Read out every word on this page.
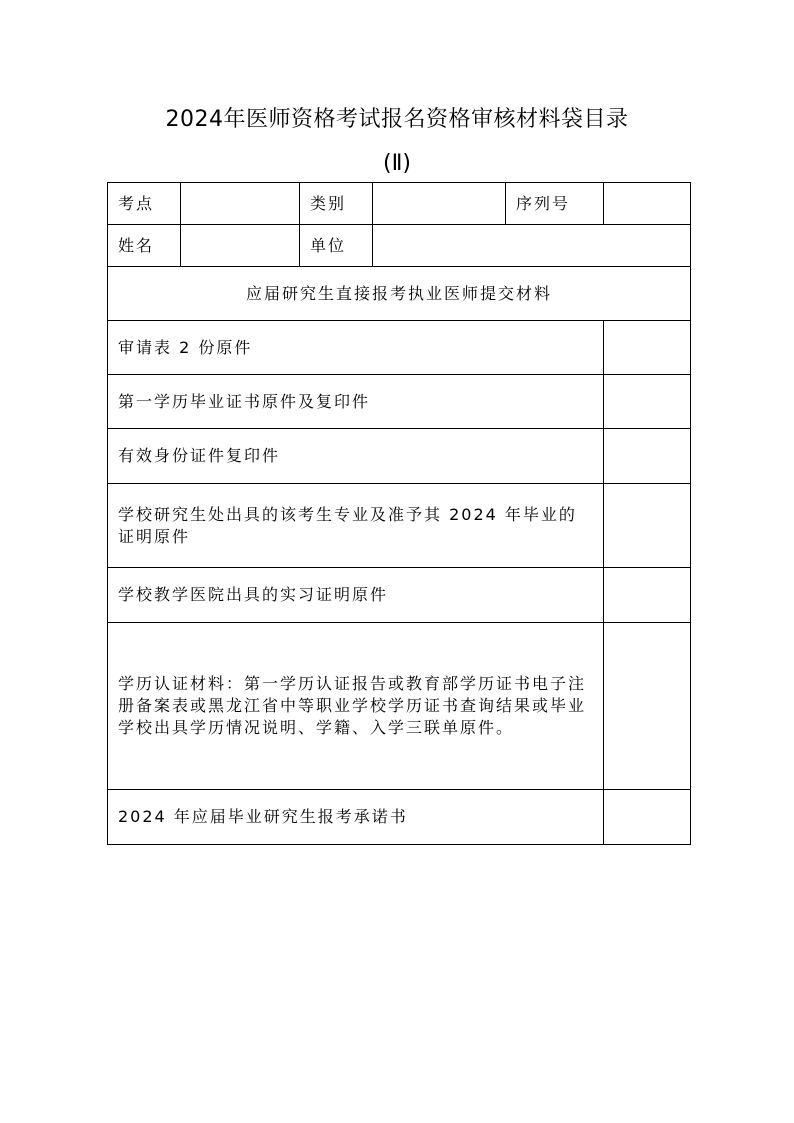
2024年医师资格考试报名资格审核材料袋目录
(Ⅱ)
考点		类别		序列号	
姓名		单位			
应届研究生直接报考执业医师提交材料					
审请表 2 份原件					
第一学历毕业证书原件及复印件					
有效身份证件复印件					
学校研究生处出具的该考生专业及准予其 2024 年毕业的证明原件					
学校教学医院出具的实习证明原件					
学历认证材料：第一学历认证报告或教育部学历证书电子注册备案表或黑龙江省中等职业学校学历证书查询结果或毕业学校出具学历情况说明、学籍、入学三联单原件。					
2024 年应届毕业研究生报考承诺书					
